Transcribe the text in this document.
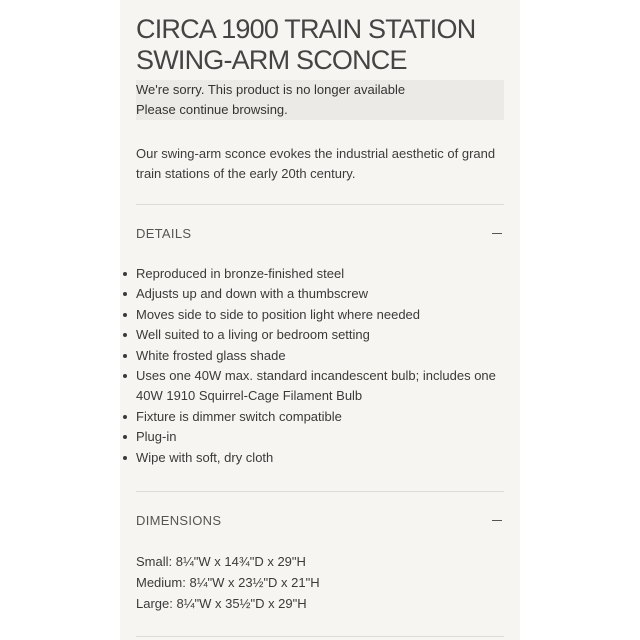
CIRCA 1900 TRAIN STATION
SWING-ARM SCONCE
We're sorry. This product is no longer available
Please continue browsing.

Our swing-arm sconce evokes the industrial aesthetic of grand train stations of the early 20th century.

DETAILS
Reproduced in bronze-finished steel
Adjusts up and down with a thumbscrew
Moves side to side to position light where needed
Well suited to a living or bedroom setting
White frosted glass shade
Uses one 40W max. standard incandescent bulb; includes one 40W 1910 Squirrel-Cage Filament Bulb
Fixture is dimmer switch compatible
Plug-in
Wipe with soft, dry cloth
DIMENSIONS
Small: 8¼"W x 14¾"D x 29"H
Medium: 8¼"W x 23½"D x 21"H
Large: 8¼"W x 35½"D x 29"H
